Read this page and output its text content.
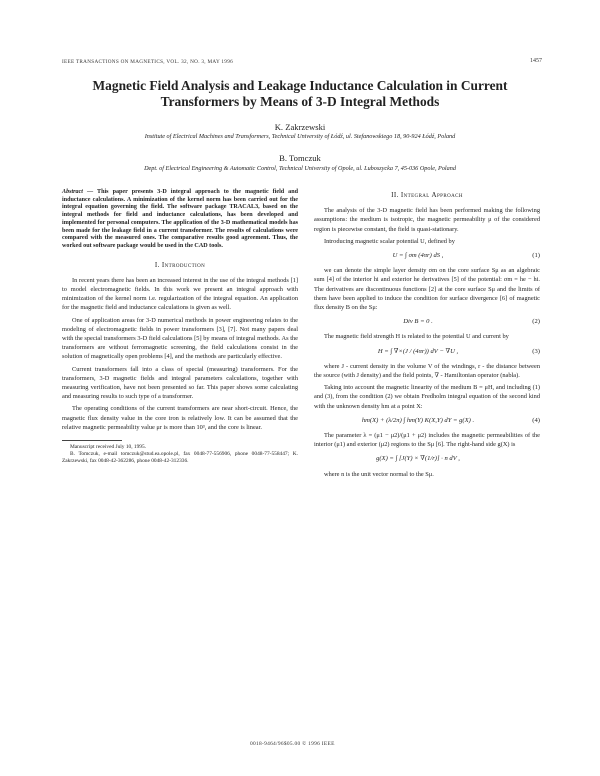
IEEE TRANSACTIONS ON MAGNETICS, VOL. 32, NO. 3, MAY 1996	1457
Magnetic Field Analysis and Leakage Inductance Calculation in Current Transformers by Means of 3-D Integral Methods
K. Zakrzewski
Institute of Electrical Machines and Transformers, Technical University of Łódź, ul. Stefanowskiego 18, 90-924 Łódź, Poland
B. Tomczuk
Dept. of Electrical Engineering & Automatic Control, Technical University of Opole, ul. Luboszycka 7, 45-036 Opole, Poland
Abstract — This paper presents 3-D integral approach to the magnetic field and inductance calculations. A minimization of the kernel norm has been carried out for the integral equation governing the field. The software package TRACAL3, based on the integral methods for field and inductance calculations, has been developed and implemented for personal computers. The application of the 3-D mathematical models has been made for the leakage field in a current transformer. The results of calculations were compared with the measured ones. The comparative results good agreement. Thus, the worked out software package would be used in the CAD tools.
I. Introduction

In recent years there has been an increased interest in the use of the integral methods [1] to model electromagnetic fields. In this work we present an integral approach with minimization of the kernel norm i.e. regularization of the integral equation. An application for the magnetic field and inductance calculations is given as well.

One of application areas for 3-D numerical methods in power engineering relates to the modeling of electromagnetic fields in power transformers [3], [7]. Not many papers deal with the special transformers 3-D field calculations [5] by means of integral methods. As the transformers are without ferromagnetic screening, the field calculations consist in the solution of magnetically open problems [4], and the methods are particularly effective.

Current transformers fall into a class of special (measuring) transformers. For the transformers, 3-D magnetic fields and integral parameters calculations, together with measuring verification, have not been presented so far. This paper shows some calculating and measuring results to such type of a transformer.

The operating conditions of the current transformers are near short-circuit. Hence, the magnetic flux density value in the core iron is relatively low. It can be assumed that the relative magnetic permeability value μr is more than 10³, and the core is linear.

Manuscript received July 10, 1995.

B. Tomczuk, e-mail tomczuk@stud.ea.opole.pl, fax 0048-77-556906, phone 0048-77-558447; K. Zakrzewski, fax 0048-42-362286, phone 0048-42-312336.

II. Integral Approach

The analysis of the 3-D magnetic field has been performed making the following assumptions: the medium is isotropic, the magnetic permeability μ of the considered region is piecewise constant, the field is quasi-stationary.

Introducing magnetic scalar potential U, defined by

U = ∫ σm (4πr) dS ,	(1)

we can denote the simple layer density σm on the core surface Sμ as an algebraic sum [4] of the interior hi and exterior he derivatives [5] of the potential: σm = he − hi. The derivatives are discontinuous functions [2] at the core surface Sμ and the limits of them have been applied to induce the condition for surface divergence [6] of magnetic flux density B on the Sμ:

Div B = 0 .	(2)

The magnetic field strength H is related to the potential U and current by

H = ∫ ∇×(J / (4πr)) dV − ∇U ,	(3)

where J - current density in the volume V of the windings, r - the distance between the source (with J density) and the field points, ∇ - Hamiltonian operator (nabla).

Taking into account the magnetic linearity of the medium B = μH, and including (1) and (3), from the condition (2) we obtain Fredholm integral equation of the second kind with the unknown density hm at a point X:

hm(X) + (λ/2π) ∫ hm(Y) K(X,Y) dY = g(X) .	(4)

The parameter λ = (μ1 − μ2)/(μ1 + μ2) includes the magnetic permeabilities of the interior (μ1) and exterior (μ2) regions to the Sμ [6]. The right-hand side g(X) is

g(X) = ∫ [J(Y) × ∇(1/r)] · n dV ,

where n is the unit vector normal to the Sμ.

0018-9464/96$05.00 © 1996 IEEE
